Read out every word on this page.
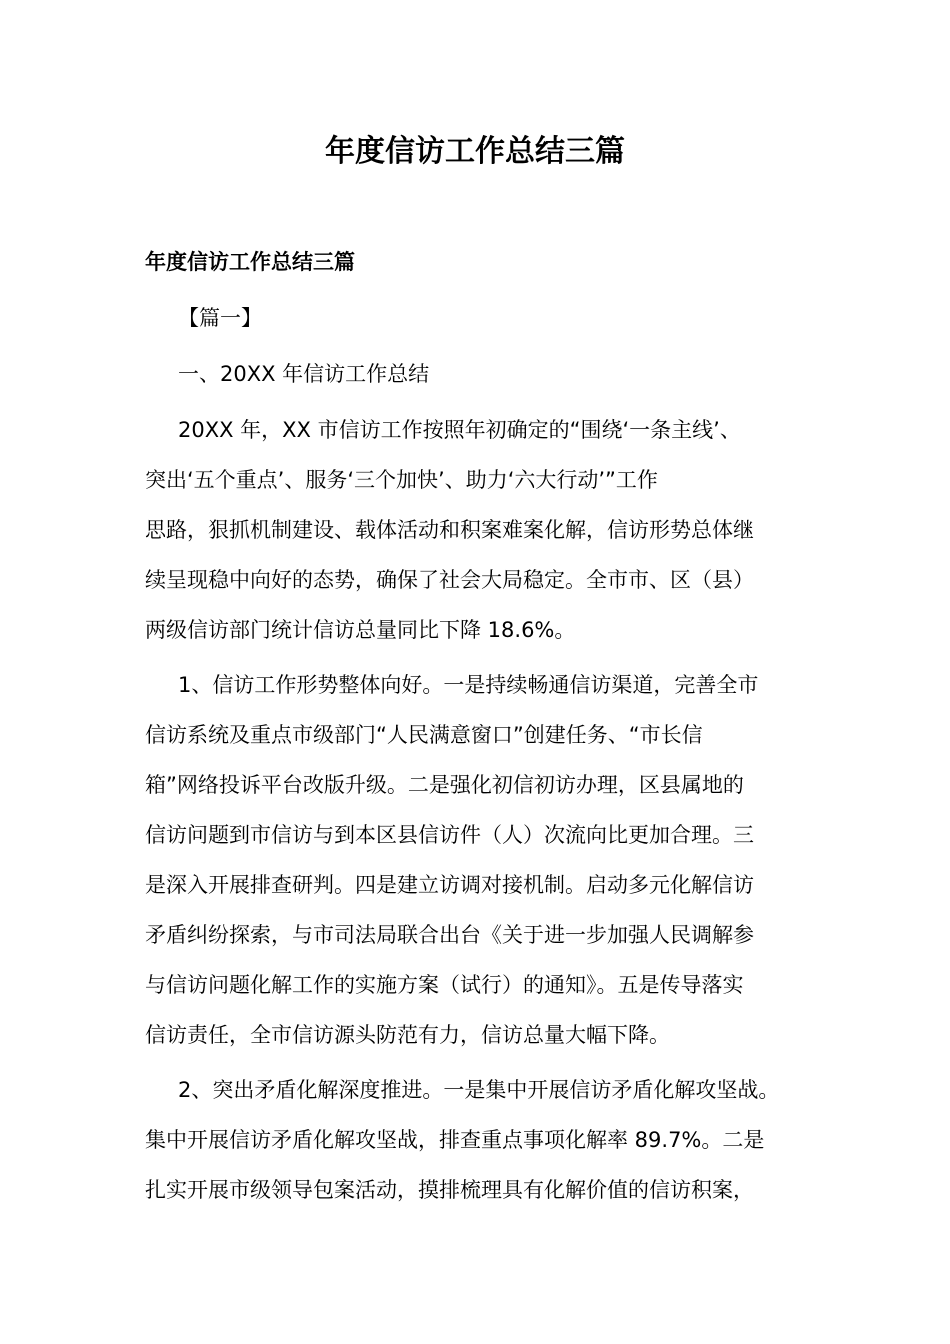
年度信访工作总结三篇
年度信访工作总结三篇

【篇一】

一、20XX 年信访工作总结

20XX 年，XX 市信访工作按照年初确定的“围绕‘一条主线’、

突出‘五个重点’、服务‘三个加快’、助力‘六大行动’”工作

思路，狠抓机制建设、载体活动和积案难案化解，信访形势总体继

续呈现稳中向好的态势，确保了社会大局稳定。全市市、区（县）

两级信访部门统计信访总量同比下降 18.6%。

1、信访工作形势整体向好。一是持续畅通信访渠道，完善全市

信访系统及重点市级部门“人民满意窗口”创建任务、“市长信

箱”网络投诉平台改版升级。二是强化初信初访办理，区县属地的

信访问题到市信访与到本区县信访件（人）次流向比更加合理。三

是深入开展排查研判。四是建立访调对接机制。启动多元化解信访

矛盾纠纷探索，与市司法局联合出台《关于进一步加强人民调解参

与信访问题化解工作的实施方案（试行）的通知》。五是传导落实

信访责任，全市信访源头防范有力，信访总量大幅下降。

2、突出矛盾化解深度推进。一是集中开展信访矛盾化解攻坚战。

集中开展信访矛盾化解攻坚战，排查重点事项化解率 89.7%。二是

扎实开展市级领导包案活动，摸排梳理具有化解价值的信访积案，
